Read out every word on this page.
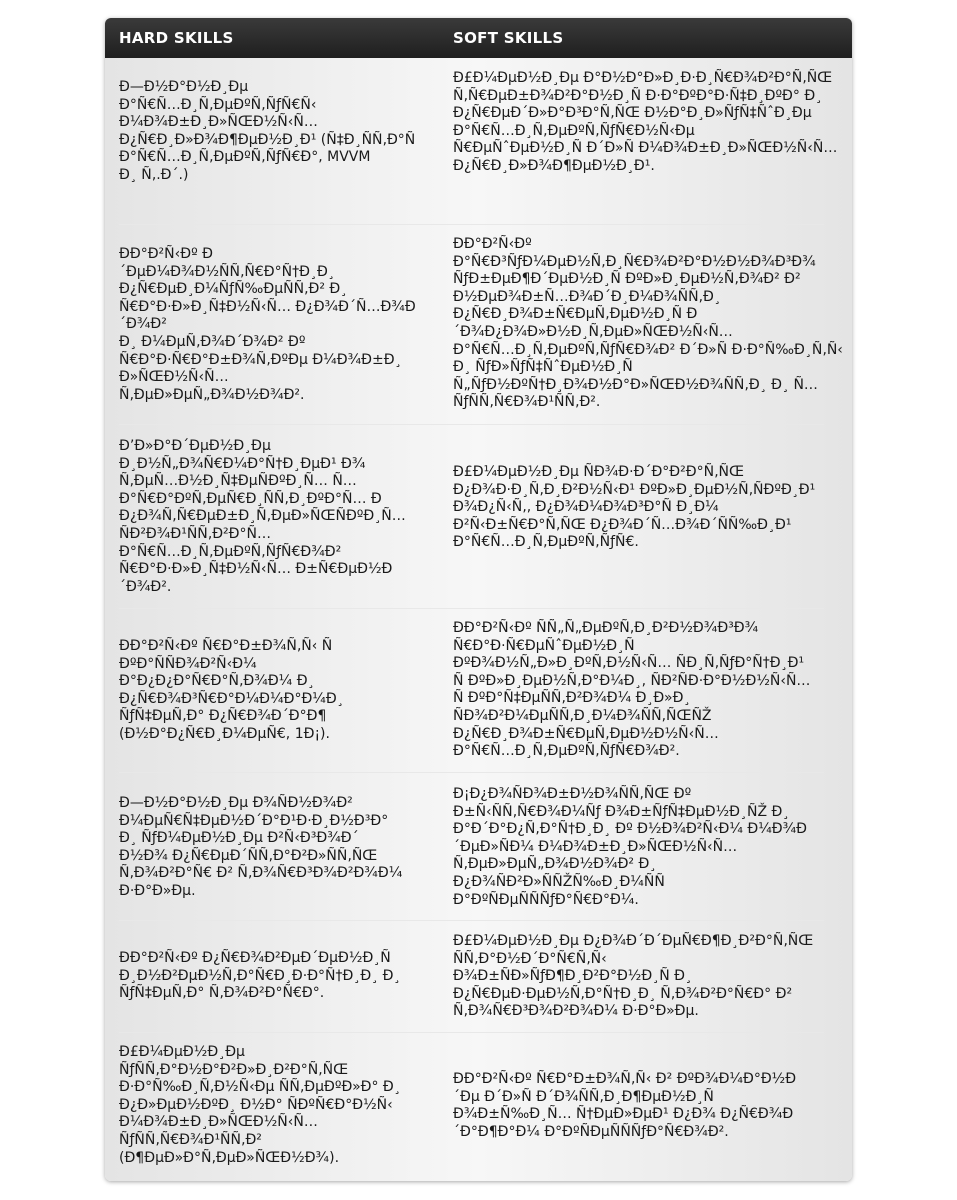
HARD SKILLS	SOFT SKILLS
Ð—Ð½Ð°Ð½Ð¸Ðµ
Ð°Ñ€Ñ…Ð¸Ñ‚ÐµÐºÑ‚ÑƒÑ€Ñ‹
Ð¼Ð¾Ð±Ð¸Ð»ÑŒÐ½Ñ‹Ñ…
Ð¿Ñ€Ð¸Ð»Ð¾Ð¶ÐµÐ½Ð¸Ð¹ (Ñ‡Ð¸ÑÑ‚Ð°Ñ
Ð°Ñ€Ñ…Ð¸Ñ‚ÐµÐºÑ‚ÑƒÑ€Ð°, MVVM
Ð¸ Ñ‚.Ð´.)
Ð£Ð¼ÐµÐ½Ð¸Ðµ Ð°Ð½Ð°Ð»Ð¸Ð·Ð¸Ñ€Ð¾Ð²Ð°Ñ‚ÑŒ
Ñ‚Ñ€ÐµÐ±Ð¾Ð²Ð°Ð½Ð¸Ñ Ð·Ð°ÐºÐ°Ð·Ñ‡Ð¸ÐºÐ° Ð¸
Ð¿Ñ€ÐµÐ´Ð»Ð°Ð³Ð°Ñ‚ÑŒ Ð½Ð°Ð¸Ð»ÑƒÑ‡ÑˆÐ¸Ðµ
Ð°Ñ€Ñ…Ð¸Ñ‚ÐµÐºÑ‚ÑƒÑ€Ð½Ñ‹Ðµ
Ñ€ÐµÑˆÐµÐ½Ð¸Ñ Ð´Ð»Ñ Ð¼Ð¾Ð±Ð¸Ð»ÑŒÐ½Ñ‹Ñ…
Ð¿Ñ€Ð¸Ð»Ð¾Ð¶ÐµÐ½Ð¸Ð¹.
ÐÐ°Ð²Ñ‹Ðº Ð
´ÐµÐ¼Ð¾Ð½ÑÑ‚Ñ€Ð°Ñ†Ð¸Ð¸
Ð¿Ñ€ÐµÐ¸Ð¼ÑƒÑ‰ÐµÑÑ‚Ð² Ð¸
Ñ€Ð°Ð·Ð»Ð¸Ñ‡Ð½Ñ‹Ñ… Ð¿Ð¾Ð´Ñ…Ð¾Ð´Ð¾Ð²
Ð¸ Ð¼ÐµÑ‚Ð¾Ð´Ð¾Ð² Ðº
Ñ€Ð°Ð·Ñ€Ð°Ð±Ð¾Ñ‚ÐºÐµ Ð¼Ð¾Ð±Ð¸Ð»ÑŒÐ½Ñ‹Ñ…
Ñ‚ÐµÐ»ÐµÑ„Ð¾Ð½Ð¾Ð².
ÐÐ°Ð²Ñ‹Ðº
Ð°Ñ€Ð³ÑƒÐ¼ÐµÐ½Ñ‚Ð¸Ñ€Ð¾Ð²Ð°Ð½Ð½Ð¾Ð³Ð¾
ÑƒÐ±ÐµÐ¶Ð´ÐµÐ½Ð¸Ñ ÐºÐ»Ð¸ÐµÐ½Ñ‚Ð¾Ð² Ð²
Ð½ÐµÐ¾Ð±Ñ…Ð¾Ð´Ð¸Ð¼Ð¾ÑÑ‚Ð¸
Ð¿Ñ€Ð¸Ð¾Ð±Ñ€ÐµÑ‚ÐµÐ½Ð¸Ñ Ð
´Ð¾Ð¿Ð¾Ð»Ð½Ð¸Ñ‚ÐµÐ»ÑŒÐ½Ñ‹Ñ…
Ð°Ñ€Ñ…Ð¸Ñ‚ÐµÐºÑ‚ÑƒÑ€Ð¾Ð² Ð´Ð»Ñ Ð·Ð°Ñ‰Ð¸Ñ‚Ñ‹
Ð¸ ÑƒÐ»ÑƒÑ‡ÑˆÐµÐ½Ð¸Ñ
Ñ„ÑƒÐ½ÐºÑ†Ð¸Ð¾Ð½Ð°Ð»ÑŒÐ½Ð¾ÑÑ‚Ð¸ Ð¸ Ñ…
ÑƒÑÑ‚Ñ€Ð¾Ð¹ÑÑ‚Ð².
Ð’Ð»Ð°Ð´ÐµÐ½Ð¸Ðµ
Ð¸Ð½Ñ„Ð¾Ñ€Ð¼Ð°Ñ†Ð¸ÐµÐ¹ Ð¾
Ñ‚ÐµÑ…Ð½Ð¸Ñ‡ÐµÑÐºÐ¸Ñ… Ñ…
Ð°Ñ€Ð°ÐºÑ‚ÐµÑ€Ð¸ÑÑ‚Ð¸ÐºÐ°Ñ… Ð
Ð¿Ð¾Ñ‚Ñ€ÐµÐ±Ð¸Ñ‚ÐµÐ»ÑŒÑÐºÐ¸Ñ…
ÑÐ²Ð¾Ð¹ÑÑ‚Ð²Ð°Ñ…
Ð°Ñ€Ñ…Ð¸Ñ‚ÐµÐºÑ‚ÑƒÑ€Ð¾Ð²
Ñ€Ð°Ð·Ð»Ð¸Ñ‡Ð½Ñ‹Ñ… Ð±Ñ€ÐµÐ½Ð
´Ð¾Ð².
Ð£Ð¼ÐµÐ½Ð¸Ðµ ÑÐ¾Ð·Ð´Ð°Ð²Ð°Ñ‚ÑŒ
Ð¿Ð¾Ð·Ð¸Ñ‚Ð¸Ð²Ð½Ñ‹Ð¹ ÐºÐ»Ð¸ÐµÐ½Ñ‚ÑÐºÐ¸Ð¹
Ð¾Ð¿Ñ‹Ñ‚, Ð¿Ð¾Ð¼Ð¾Ð³Ð°Ñ Ð¸Ð¼
Ð²Ñ‹Ð±Ñ€Ð°Ñ‚ÑŒ Ð¿Ð¾Ð´Ñ…Ð¾Ð´ÑÑ‰Ð¸Ð¹
Ð°Ñ€Ñ…Ð¸Ñ‚ÐµÐºÑ‚ÑƒÑ€.
ÐÐ°Ð²Ñ‹Ðº Ñ€Ð°Ð±Ð¾Ñ‚Ñ‹ Ñ
ÐºÐ°ÑÑÐ¾Ð²Ñ‹Ð¼
Ð°Ð¿Ð¿Ð°Ñ€Ð°Ñ‚Ð¾Ð¼ Ð¸
Ð¿Ñ€Ð¾Ð³Ñ€Ð°Ð¼Ð¼Ð°Ð¼Ð¸
ÑƒÑ‡ÐµÑ‚Ð° Ð¿Ñ€Ð¾Ð´Ð°Ð¶
(Ð½Ð°Ð¿Ñ€Ð¸Ð¼ÐµÑ€, 1Ð¡).
ÐÐ°Ð²Ñ‹Ðº ÑÑ„Ñ„ÐµÐºÑ‚Ð¸Ð²Ð½Ð¾Ð³Ð¾
Ñ€Ð°Ð·Ñ€ÐµÑˆÐµÐ½Ð¸Ñ
ÐºÐ¾Ð½Ñ„Ð»Ð¸ÐºÑ‚Ð½Ñ‹Ñ… ÑÐ¸Ñ‚ÑƒÐ°Ñ†Ð¸Ð¹
Ñ ÐºÐ»Ð¸ÐµÐ½Ñ‚Ð°Ð¼Ð¸, ÑÐ²ÑÐ·Ð°Ð½Ð½Ñ‹Ñ…
Ñ ÐºÐ°Ñ‡ÐµÑÑ‚Ð²Ð¾Ð¼ Ð¸Ð»Ð¸
ÑÐ¾Ð²Ð¼ÐµÑÑ‚Ð¸Ð¼Ð¾ÑÑ‚ÑŒÑŽ
Ð¿Ñ€Ð¸Ð¾Ð±Ñ€ÐµÑ‚ÐµÐ½Ð½Ñ‹Ñ…
Ð°Ñ€Ñ…Ð¸Ñ‚ÐµÐºÑ‚ÑƒÑ€Ð¾Ð².
Ð—Ð½Ð°Ð½Ð¸Ðµ Ð¾ÑÐ½Ð¾Ð²
Ð¼ÐµÑ€Ñ‡ÐµÐ½Ð´Ð°Ð¹Ð·Ð¸Ð½Ð³Ð°
Ð¸ ÑƒÐ¼ÐµÐ½Ð¸Ðµ Ð²Ñ‹Ð³Ð¾Ð´
Ð½Ð¾ Ð¿Ñ€ÐµÐ´ÑÑ‚Ð°Ð²Ð»ÑÑ‚ÑŒ
Ñ‚Ð¾Ð²Ð°Ñ€ Ð² Ñ‚Ð¾Ñ€Ð³Ð¾Ð²Ð¾Ð¼
Ð·Ð°Ð»Ðµ.
Ð¡Ð¿Ð¾ÑÐ¾Ð±Ð½Ð¾ÑÑ‚ÑŒ Ðº
Ð±Ñ‹ÑÑ‚Ñ€Ð¾Ð¼Ñƒ Ð¾Ð±ÑƒÑ‡ÐµÐ½Ð¸ÑŽ Ð¸
Ð°Ð´Ð°Ð¿Ñ‚Ð°Ñ†Ð¸Ð¸ Ðº Ð½Ð¾Ð²Ñ‹Ð¼ Ð¼Ð¾Ð
´ÐµÐ»ÑÐ¼ Ð¼Ð¾Ð±Ð¸Ð»ÑŒÐ½Ñ‹Ñ…
Ñ‚ÐµÐ»ÐµÑ„Ð¾Ð½Ð¾Ð² Ð¸
Ð¿Ð¾ÑÐ²Ð»ÑÑŽÑ‰Ð¸Ð¼ÑÑ
Ð°ÐºÑÐµÑÑÑƒÐ°Ñ€Ð°Ð¼.
ÐÐ°Ð²Ñ‹Ðº Ð¿Ñ€Ð¾Ð²ÐµÐ´ÐµÐ½Ð¸Ñ
Ð¸Ð½Ð²ÐµÐ½Ñ‚Ð°Ñ€Ð¸Ð·Ð°Ñ†Ð¸Ð¸ Ð¸
ÑƒÑ‡ÐµÑ‚Ð° Ñ‚Ð¾Ð²Ð°Ñ€Ð°.
Ð£Ð¼ÐµÐ½Ð¸Ðµ Ð¿Ð¾Ð´Ð´ÐµÑ€Ð¶Ð¸Ð²Ð°Ñ‚ÑŒ
ÑÑ‚Ð°Ð½Ð´Ð°Ñ€Ñ‚Ñ‹
Ð¾Ð±ÑÐ»ÑƒÐ¶Ð¸Ð²Ð°Ð½Ð¸Ñ Ð¸
Ð¿Ñ€ÐµÐ·ÐµÐ½Ñ‚Ð°Ñ†Ð¸Ð¸ Ñ‚Ð¾Ð²Ð°Ñ€Ð° Ð²
Ñ‚Ð¾Ñ€Ð³Ð¾Ð²Ð¾Ð¼ Ð·Ð°Ð»Ðµ.
Ð£Ð¼ÐµÐ½Ð¸Ðµ
ÑƒÑÑ‚Ð°Ð½Ð°Ð²Ð»Ð¸Ð²Ð°Ñ‚ÑŒ
Ð·Ð°Ñ‰Ð¸Ñ‚Ð½Ñ‹Ðµ ÑÑ‚ÐµÐºÐ»Ð° Ð¸
Ð¿Ð»ÐµÐ½ÐºÐ¸ Ð½Ð° ÑÐºÑ€Ð°Ð½Ñ‹
Ð¼Ð¾Ð±Ð¸Ð»ÑŒÐ½Ñ‹Ñ…
ÑƒÑÑ‚Ñ€Ð¾Ð¹ÑÑ‚Ð²
(Ð¶ÐµÐ»Ð°Ñ‚ÐµÐ»ÑŒÐ½Ð¾).
ÐÐ°Ð²Ñ‹Ðº Ñ€Ð°Ð±Ð¾Ñ‚Ñ‹ Ð² ÐºÐ¾Ð¼Ð°Ð½Ð
´Ðµ Ð´Ð»Ñ Ð´Ð¾ÑÑ‚Ð¸Ð¶ÐµÐ½Ð¸Ñ
Ð¾Ð±Ñ‰Ð¸Ñ… Ñ†ÐµÐ»ÐµÐ¹ Ð¿Ð¾ Ð¿Ñ€Ð¾Ð
´Ð°Ð¶Ð°Ð¼ Ð°ÐºÑÐµÑÑÑƒÐ°Ñ€Ð¾Ð².
